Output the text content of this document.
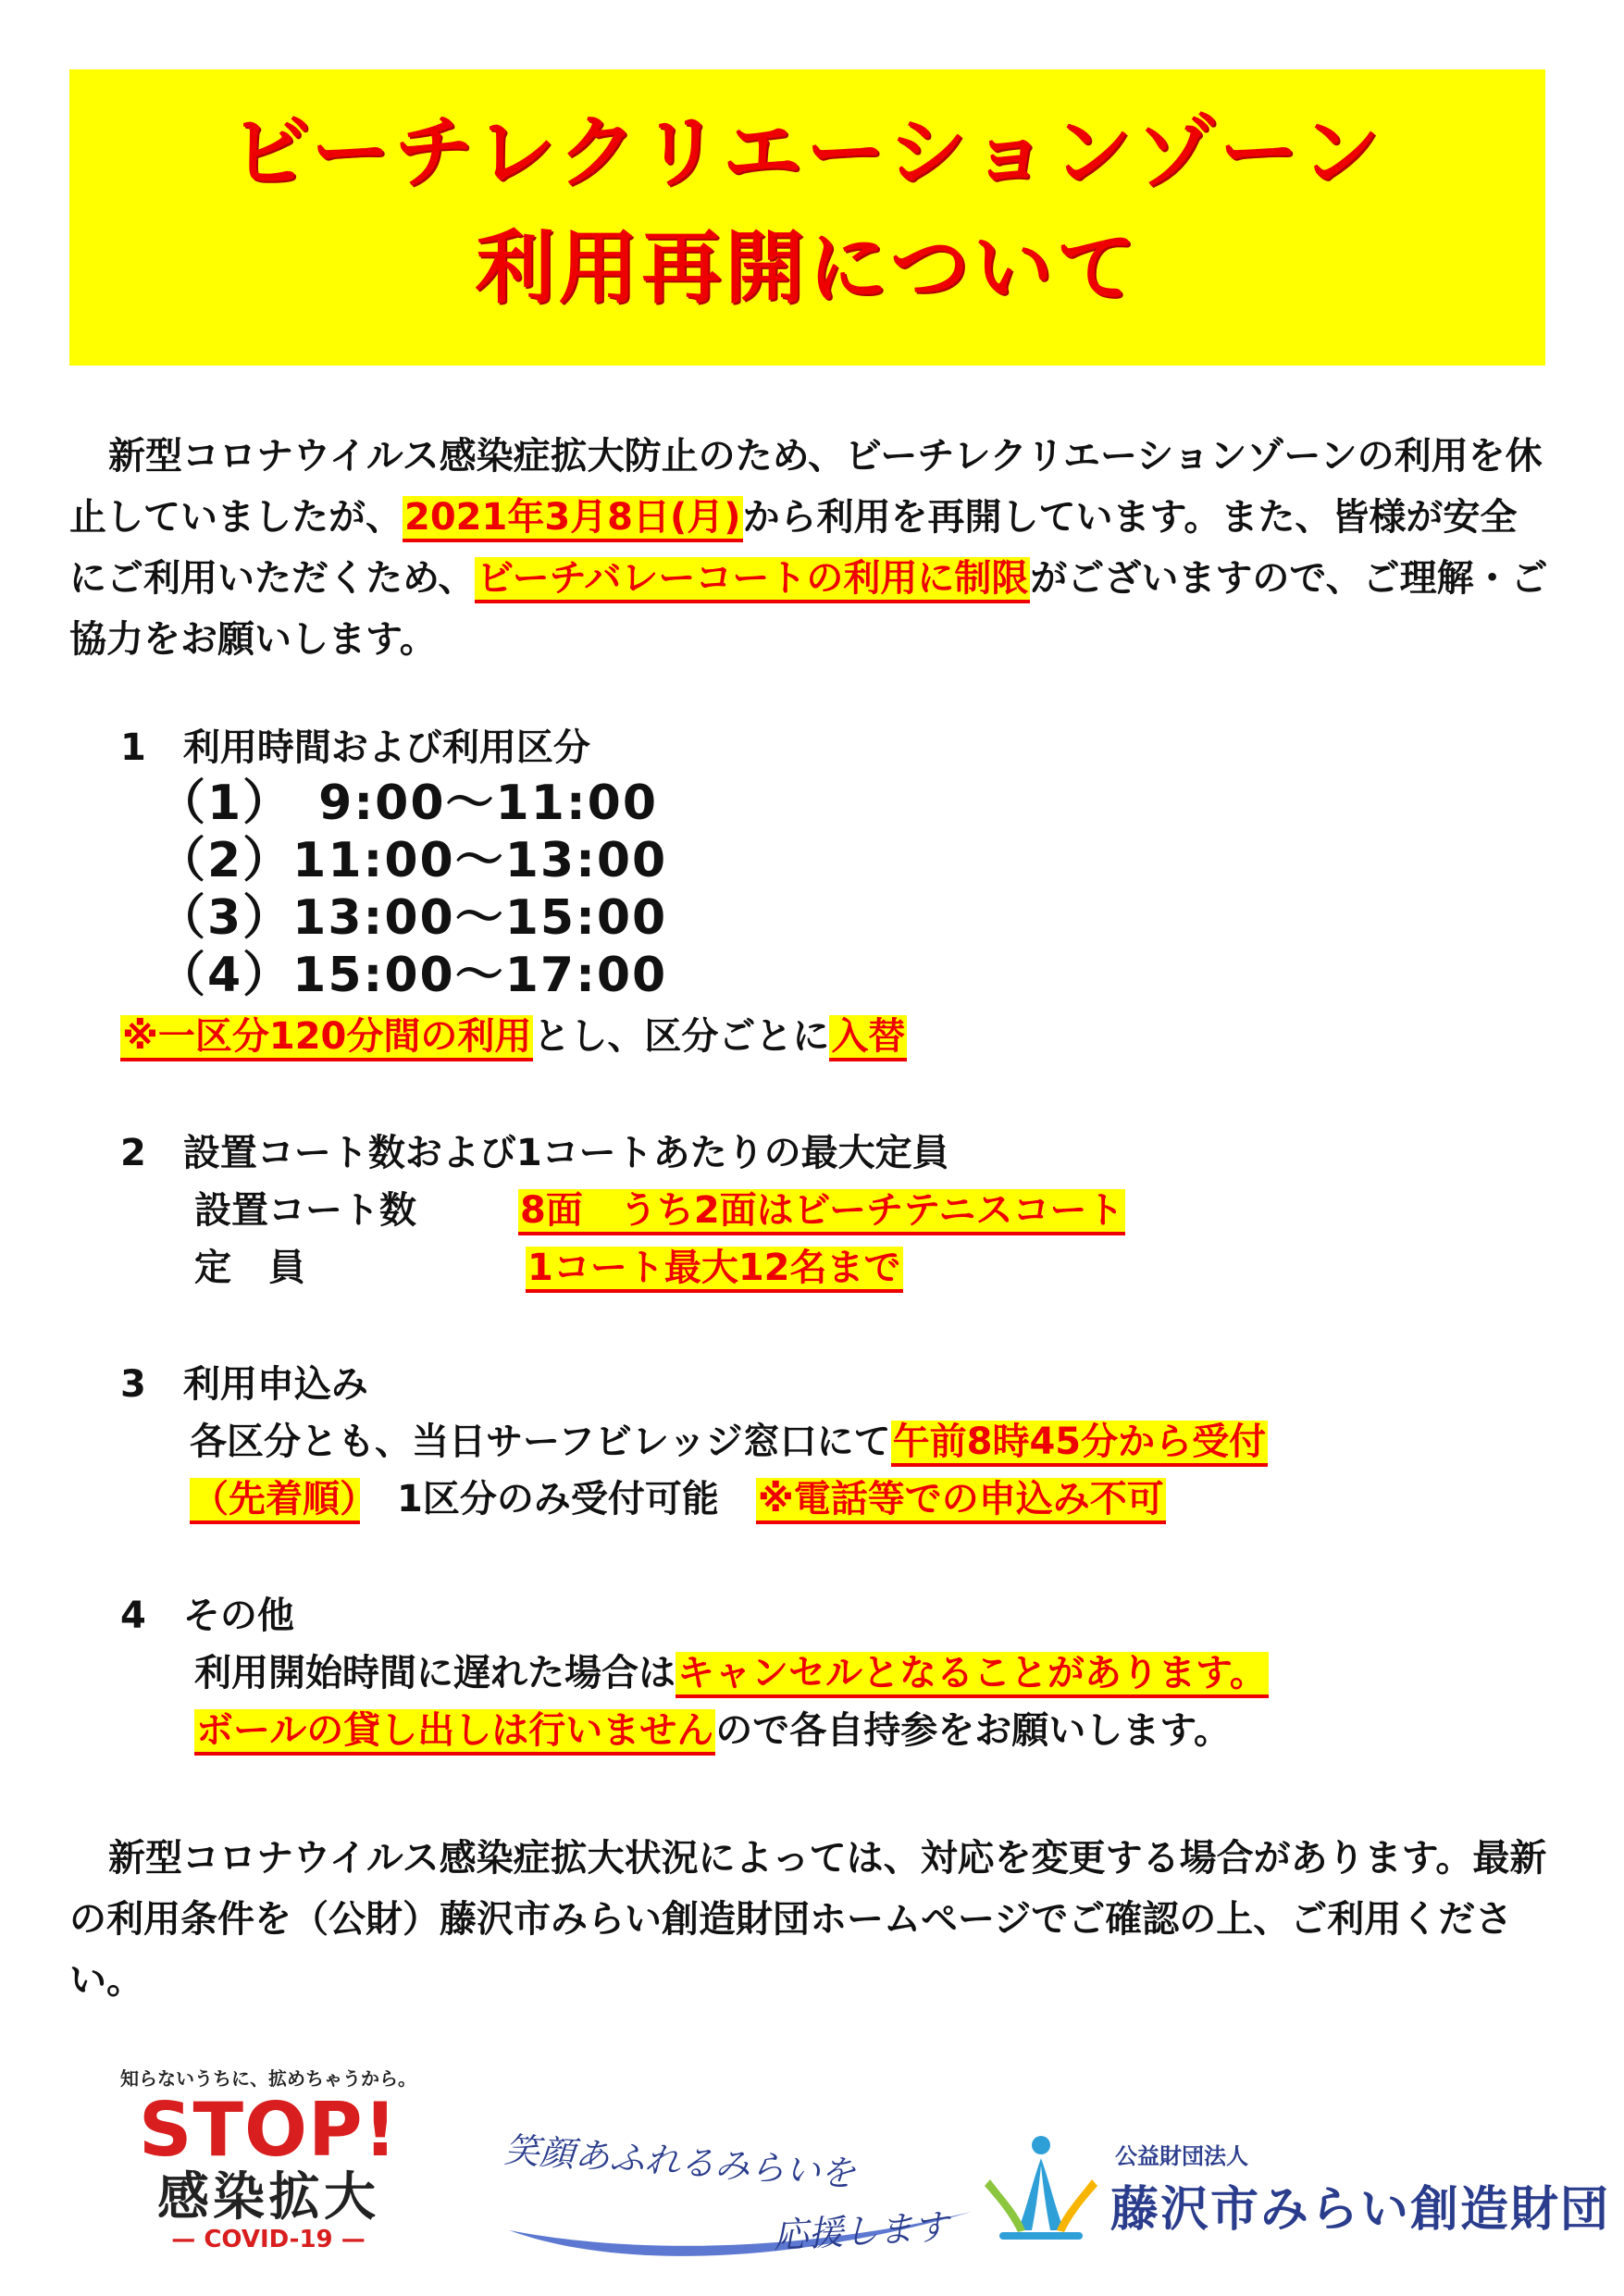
ビーチレクリエーションゾーン
利用再開について
新型コロナウイルス感染症拡大防止のため、ビーチレクリエーションゾーンの利用を休止していましたが、2021年3月8日(月)から利用を再開しています。また、皆様が安全にご利用いただくため、ビーチバレーコートの利用に制限がございますので、ご理解・ご協力をお願いします。
1　利用時間および利用区分
（1）　9:00～11:00
（2）11:00～13:00
（3）13:00～15:00
（4）15:00～17:00
※一区分120分間の利用とし、区分ごとに入替
2　設置コート数および1コートあたりの最大定員
設置コート数	8面　うち2面はビーチテニスコート
定　員	1コート最大12名まで
3　利用申込み
各区分とも、当日サーフビレッジ窓口にて午前8時45分から受付
（先着順）　 1区分のみ受付可能　 ※電話等での申込み不可
4　その他
利用開始時間に遅れた場合はキャンセルとなることがあります。
ボールの貸し出しは行いませんので各自持参をお願いします。
新型コロナウイルス感染症拡大状況によっては、対応を変更する場合があります。最新の利用条件を（公財）藤沢市みらい創造財団ホームページでご確認の上、ご利用ください。
知らないうちに、拡めちゃうから。
STOP!
感染拡大
— COVID-19 —
笑顔あふれるみらいを
応援します
公益財団法人
藤沢市みらい創造財団
